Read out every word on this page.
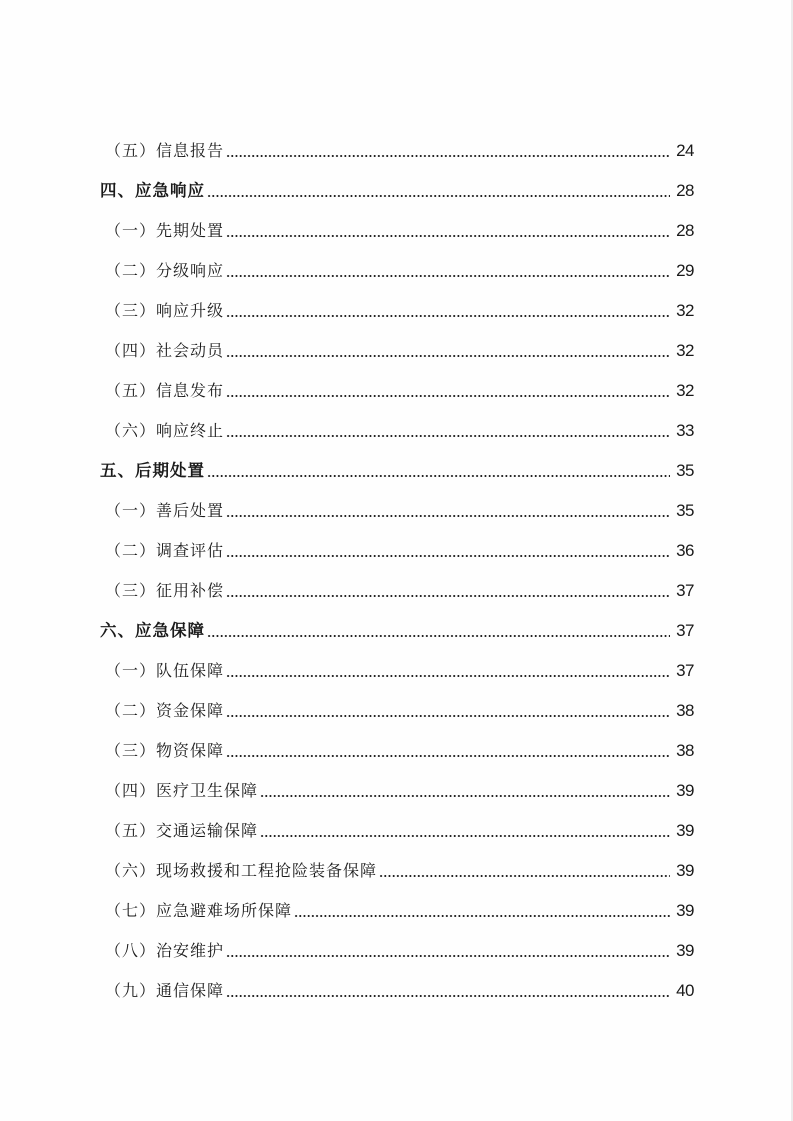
（五）信息报告	24
四、应急响应	28
（一）先期处置	28
（二）分级响应	29
（三）响应升级	32
（四）社会动员	32
（五）信息发布	32
（六）响应终止	33
五、后期处置	35
（一）善后处置	35
（二）调查评估	36
（三）征用补偿	37
六、应急保障	37
（一）队伍保障	37
（二）资金保障	38
（三）物资保障	38
（四）医疗卫生保障	39
（五）交通运输保障	39
（六）现场救援和工程抢险装备保障	39
（七）应急避难场所保障	39
（八）治安维护	39
（九）通信保障	40
